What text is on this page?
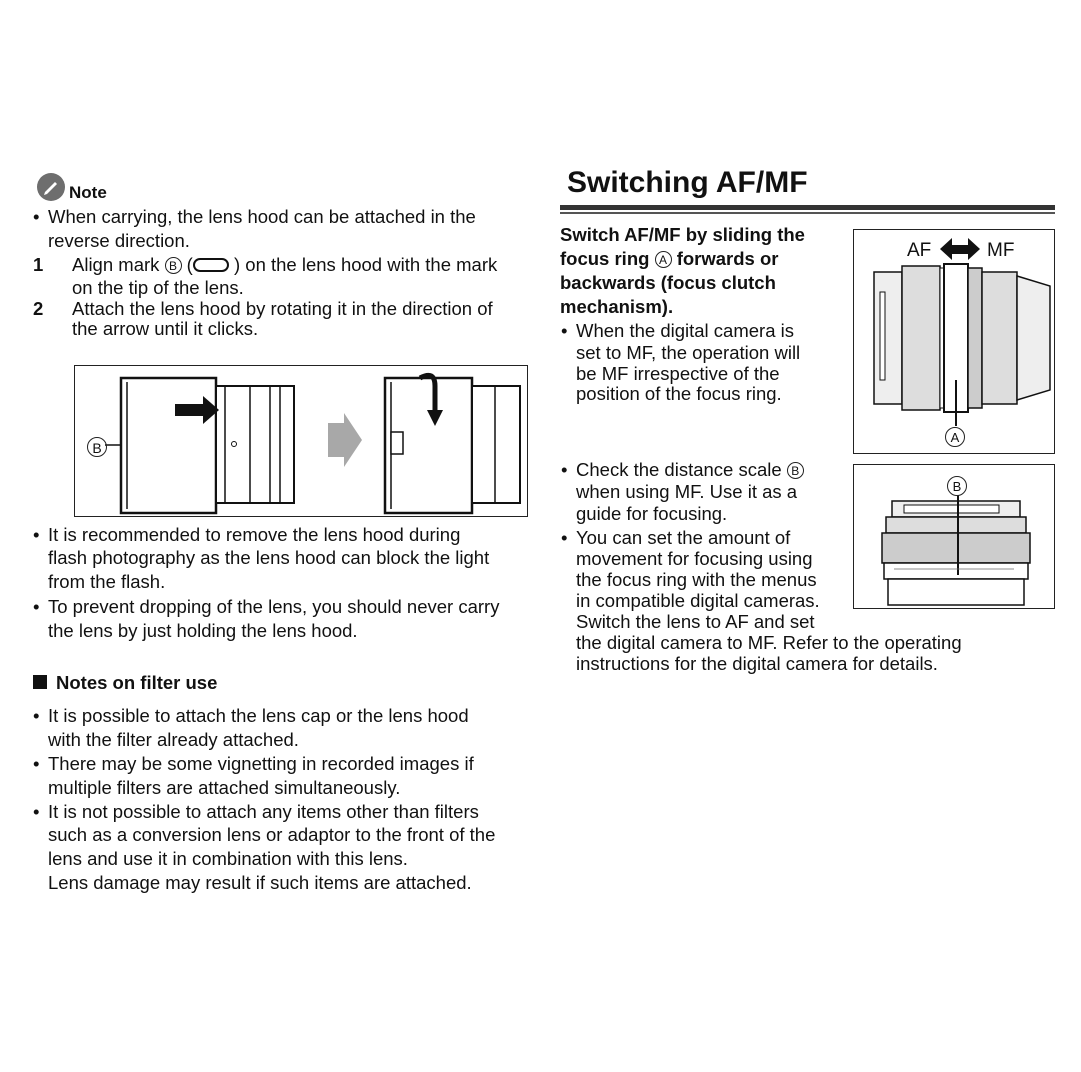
Note
• When carrying, the lens hood can be attached in the
reverse direction.
1 Align mark B ( ) on the lens hood with the mark
on the tip of the lens.
2 Attach the lens hood by rotating it in the direction of
the arrow until it clicks.
B
• It is recommended to remove the lens hood during
flash photography as the lens hood can block the light
from the flash.
• To prevent dropping of the lens, you should never carry
the lens by just holding the lens hood.
Notes on filter use
• It is possible to attach the lens cap or the lens hood
with the filter already attached.
• There may be some vignetting in recorded images if
multiple filters are attached simultaneously.
• It is not possible to attach any items other than filters
such as a conversion lens or adaptor to the front of the
lens and use it in combination with this lens.
Lens damage may result if such items are attached.
Switching AF/MF
Switch AF/MF by sliding the
focus ring A forwards or
backwards (focus clutch
mechanism).
• When the digital camera is
set to MF, the operation will
be MF irrespective of the
position of the focus ring.
AF	MF
A
• Check the distance scale B
when using MF. Use it as a
guide for focusing.
• You can set the amount of
movement for focusing using
the focus ring with the menus
in compatible digital cameras.
Switch the lens to AF and set
the digital camera to MF. Refer to the operating
instructions for the digital camera for details.
B
